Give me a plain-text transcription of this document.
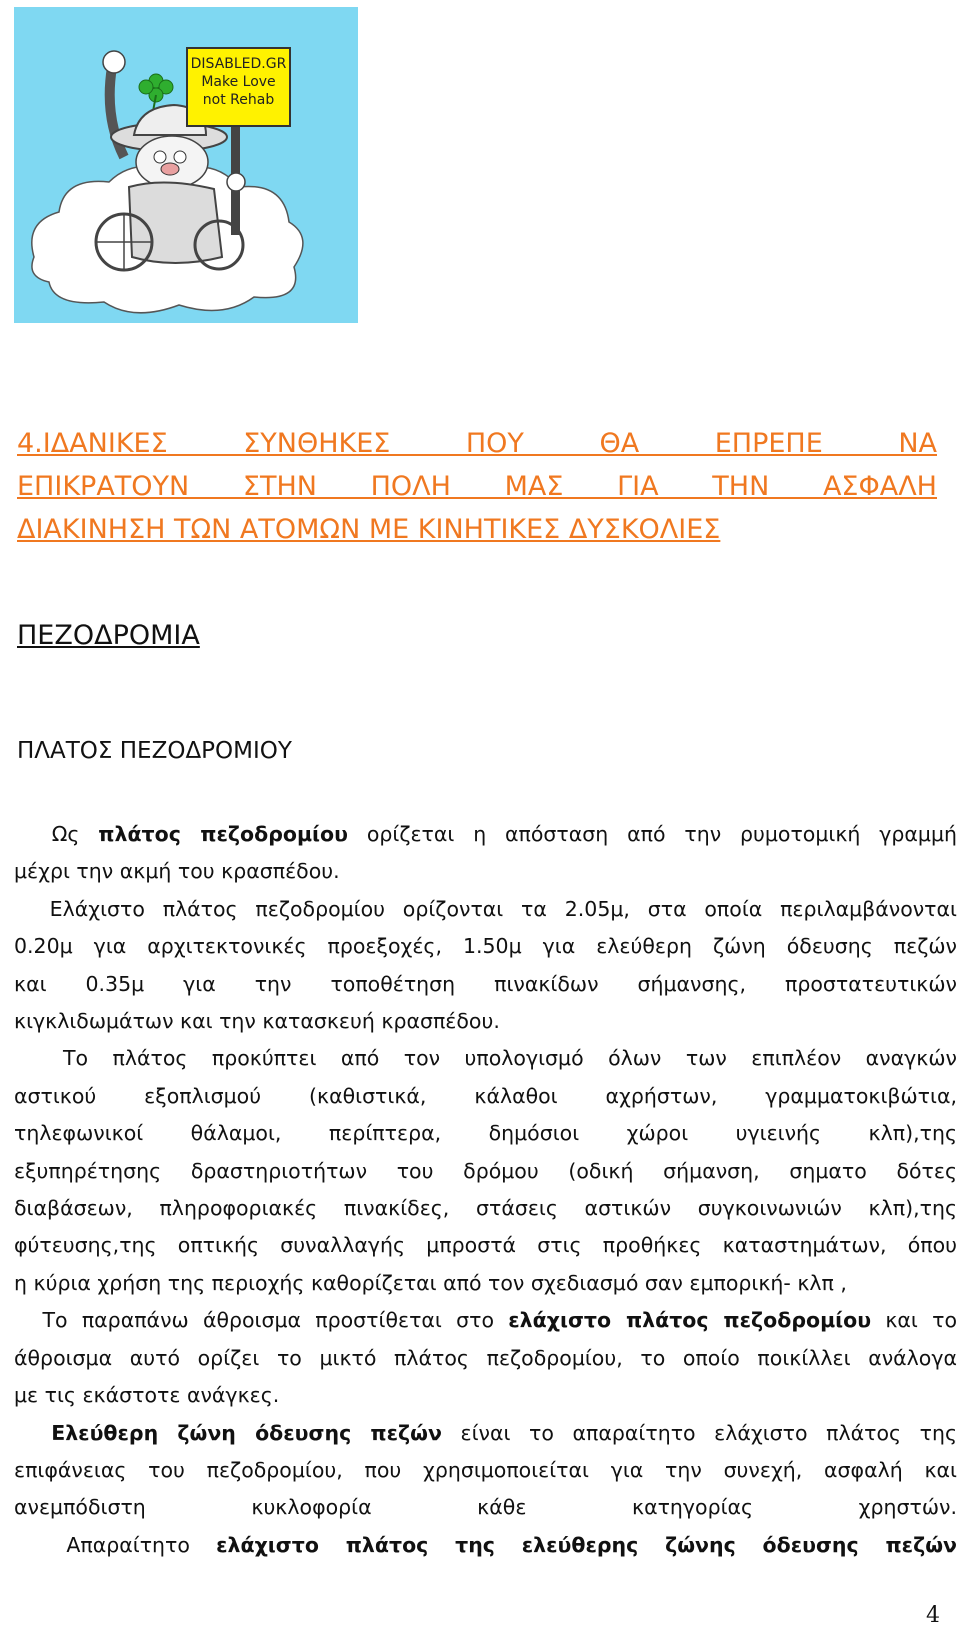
DISABLED.GR
Make Love
not Rehab
4.ΙΔΑΝΙΚΕΣ ΣΥΝΘΗΚΕΣ ΠΟΥ ΘΑ ΕΠΡΕΠΕ ΝΑ
ΕΠΙΚΡΑΤΟΥΝ ΣΤΗΝ ΠΟΛΗ ΜΑΣ ΓΙΑ ΤΗΝ ΑΣΦΑΛΗ
ΔΙΑΚΙΝΗΣΗ ΤΩΝ ΑΤΟΜΩΝ ΜΕ ΚΙΝΗΤΙΚΕΣ ΔΥΣΚΟΛΙΕΣ
ΠΕΖΟΔΡΟΜΙΑ
ΠΛΑΤΟΣ ΠΕΖΟΔΡΟΜΙΟΥ

Ως πλάτος πεζοδρομίου ορίζεται η απόσταση από την ρυμοτομική γραμμή
μέχρι την ακμή του κρασπέδου.

Ελάχιστο πλάτος πεζοδρομίου ορίζονται τα 2.05μ, στα οποία περιλαμβάνονται
0.20μ για αρχιτεκτονικές προεξοχές, 1.50μ για ελεύθερη ζώνη όδευσης πεζών
και 0.35μ για την τοποθέτηση πινακίδων σήμανσης, προστατευτικών
κιγκλιδωμάτων και την κατασκευή κρασπέδου.

Το πλάτος προκύπτει από τον υπολογισμό όλων των επιπλέον αναγκών
αστικού εξοπλισμού (καθιστικά, κάλαθοι αχρήστων, γραμματοκιβώτια,
τηλεφωνικοί θάλαμοι, περίπτερα, δημόσιοι χώροι υγιεινής κλπ),της
εξυπηρέτησης δραστηριοτήτων του δρόμου (οδική σήμανση, σηματο δότες
διαβάσεων, πληροφοριακές πινακίδες, στάσεις αστικών συγκοινωνιών κλπ),της
φύτευσης,της οπτικής συναλλαγής μπροστά στις προθήκες καταστημάτων, όπου
η κύρια χρήση της περιοχής καθορίζεται από τον σχεδιασμό σαν εμπορική- κλπ ,

Το παραπάνω άθροισμα προστίθεται στο ελάχιστο πλάτος πεζοδρομίου και το
άθροισμα αυτό ορίζει το μικτό πλάτος πεζοδρομίου, το οποίο ποικίλλει ανάλογα
με τις εκάστοτε ανάγκες.

Ελεύθερη ζώνη όδευσης πεζών είναι το απαραίτητο ελάχιστο πλάτος της
επιφάνειας του πεζοδρομίου, που χρησιμοποιείται για την συνεχή, ασφαλή και
ανεμπόδιστη κυκλοφορία κάθε κατηγορίας χρηστών.
Απαραίτητο ελάχιστο πλάτος της ελεύθερης ζώνης όδευσης πεζών

4
